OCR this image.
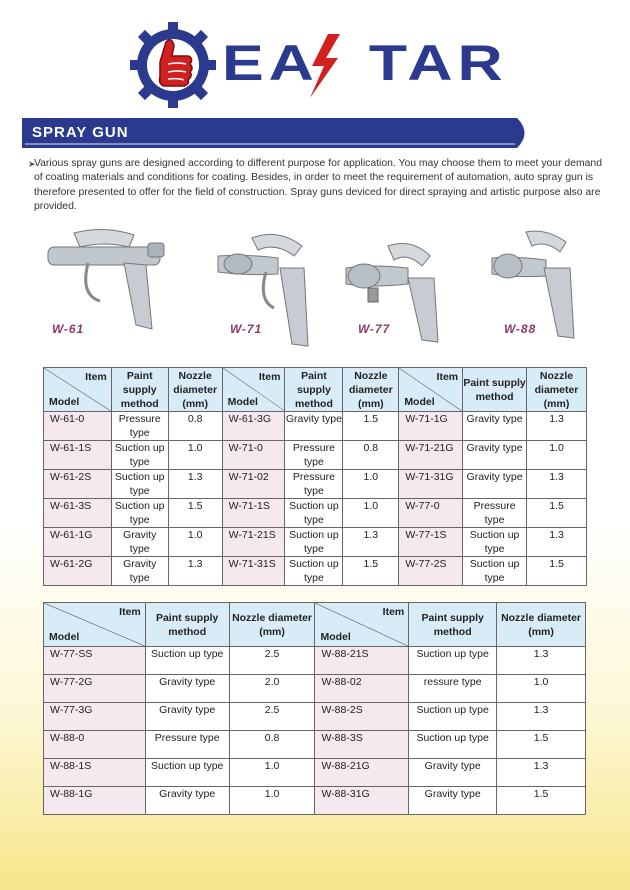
EA TAR
SPRAY GUN
➤
Various spray guns are designed according to different purpose for application. You may choose them to meet your demand of coating materials and conditions for coating. Besides, in order to meet the requirement of automation, auto spray gun is therefore presented to offer for the field of construction. Spray guns deviced for direct spraying and artistic purpose also are provided.
W-61	W-71	W-77	W-88
Item
Model	Paint supply method	Nozzle diameter (mm)	Item
Model	Paint supply method	Nozzle diameter (mm)	Item
Model	Paint supply method	Nozzle diameter (mm)
W-61-0	Pressure type	0.8	W-61-3G	Gravity type	1.5	W-71-1G	Gravity type	1.3
W-61-1S	Suction up type	1.0	W-71-0	Pressure type	0.8	W-71-21G	Gravity type	1.0
W-61-2S	Suction up type	1.3	W-71-02	Pressure type	1.0	W-71-31G	Gravity type	1.3
W-61-3S	Suction up type	1.5	W-71-1S	Suction up type	1.0	W-77-0	Pressure type	1.5
W-61-1G	Gravity type	1.0	W-71-21S	Suction up type	1.3	W-77-1S	Suction up type	1.3
W-61-2G	Gravity type	1.3	W-71-31S	Suction up type	1.5	W-77-2S	Suction up type	1.5
Item
Model	Paint supply method	Nozzle diameter (mm)	Item
Model	Paint supply method	Nozzle diameter (mm)
W-77-SS	Suction up type	2.5	W-88-21S	Suction up type	1.3
W-77-2G	Gravity type	2.0	W-88-02	ressure type	1.0
W-77-3G	Gravity type	2.5	W-88-2S	Suction up type	1.3
W-88-0	Pressure type	0.8	W-88-3S	Suction up type	1.5
W-88-1S	Suction up type	1.0	W-88-21G	Gravity type	1.3
W-88-1G	Gravity type	1.0	W-88-31G	Gravity type	1.5
